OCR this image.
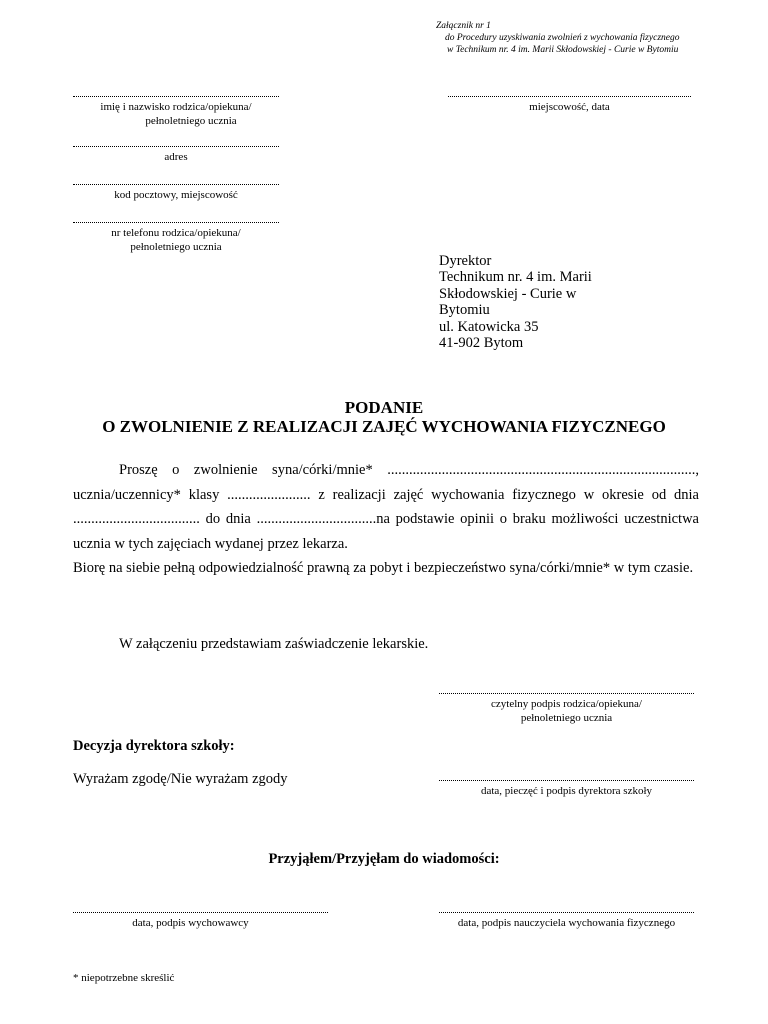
Załącznik nr 1
do Procedury uzyskiwania zwolnień z wychowania fizycznego
w Technikum nr. 4 im. Marii Skłodowskiej - Curie w Bytomiu
imię i nazwisko rodzica/opiekuna/
pełnoletniego ucznia
miejscowość, data
adres
kod pocztowy, miejscowość
nr telefonu rodzica/opiekuna/
pełnoletniego ucznia
Dyrektor
Technikum nr. 4 im. Marii Skłodowskiej - Curie w Bytomiu
ul. Katowicka 35
41-902 Bytom
PODANIE
O ZWOLNIENIE Z REALIZACJI ZAJĘĆ WYCHOWANIA FIZYCZNEGO

Proszę o zwolnienie syna/córki/mnie* ....................................................................................., ucznia/uczennicy* klasy ....................... z realizacji zajęć wychowania fizycznego w okresie od dnia ................................... do dnia .................................na podstawie opinii o braku możliwości uczestnictwa ucznia w tych zajęciach wydanej przez lekarza.

Biorę na siebie pełną odpowiedzialność prawną za pobyt i bezpieczeństwo syna/córki/mnie* w tym czasie.

W załączeniu przedstawiam zaświadczenie lekarskie.
czytelny podpis rodzica/opiekuna/
pełnoletniego ucznia
Decyzja dyrektora szkoły:
Wyrażam zgodę/Nie wyrażam zgody
data, pieczęć i podpis dyrektora szkoły
Przyjąłem/Przyjęłam do wiadomości:
data, podpis wychowawcy	data, podpis nauczyciela wychowania fizycznego
* niepotrzebne skreślić
